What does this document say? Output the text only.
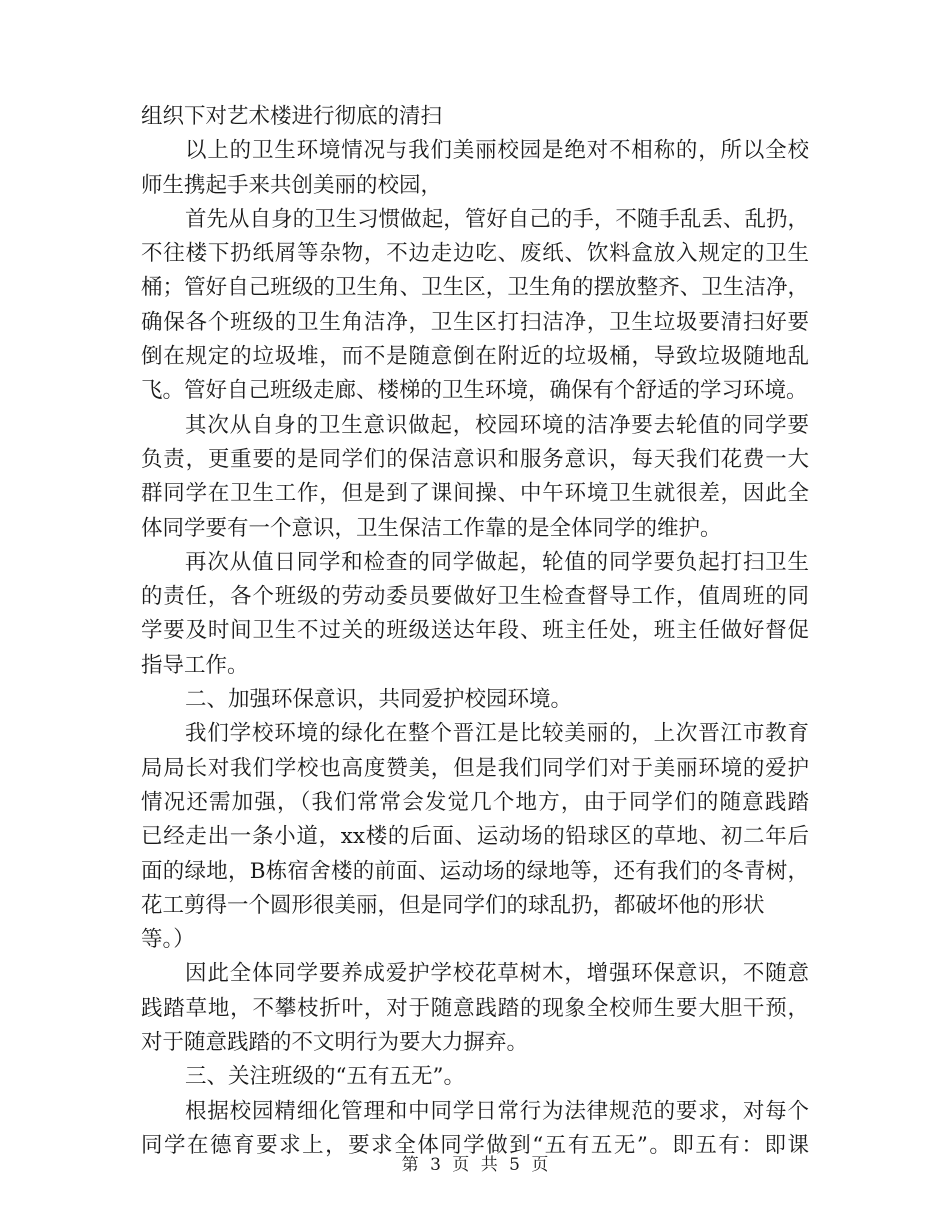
组织下对艺术楼进行彻底的清扫
以上的卫生环境情况与我们美丽校园是绝对不相称的，所以全校
师生携起手来共创美丽的校园，
首先从自身的卫生习惯做起，管好自己的手，不随手乱丢、乱扔，
不往楼下扔纸屑等杂物，不边走边吃、废纸、饮料盒放入规定的卫生
桶；管好自己班级的卫生角、卫生区，卫生角的摆放整齐、卫生洁净，
确保各个班级的卫生角洁净，卫生区打扫洁净，卫生垃圾要清扫好要
倒在规定的垃圾堆，而不是随意倒在附近的垃圾桶，导致垃圾随地乱
飞。管好自己班级走廊、楼梯的卫生环境，确保有个舒适的学习环境。
其次从自身的卫生意识做起，校园环境的洁净要去轮值的同学要
负责，更重要的是同学们的保洁意识和服务意识，每天我们花费一大
群同学在卫生工作，但是到了课间操、中午环境卫生就很差，因此全
体同学要有一个意识，卫生保洁工作靠的是全体同学的维护。
再次从值日同学和检查的同学做起，轮值的同学要负起打扫卫生
的责任，各个班级的劳动委员要做好卫生检查督导工作，值周班的同
学要及时间卫生不过关的班级送达年段、班主任处，班主任做好督促
指导工作。
二、加强环保意识，共同爱护校园环境。
我们学校环境的绿化在整个晋江是比较美丽的，上次晋江市教育
局局长对我们学校也高度赞美，但是我们同学们对于美丽环境的爱护
情况还需加强，（我们常常会发觉几个地方，由于同学们的随意践踏
已经走出一条小道，xx楼的后面、运动场的铅球区的草地、初二年后
面的绿地，B栋宿舍楼的前面、运动场的绿地等，还有我们的冬青树，
花工剪得一个圆形很美丽，但是同学们的球乱扔，都破坏他的形状
等。）
因此全体同学要养成爱护学校花草树木，增强环保意识，不随意
践踏草地，不攀枝折叶，对于随意践踏的现象全校师生要大胆干预，
对于随意践踏的不文明行为要大力摒弃。
三、关注班级的“五有五无”。
根据校园精细化管理和中同学日常行为法律规范的要求，对每个
同学在德育要求上，要求全体同学做到“五有五无”。即五有：即课
第 3 页 共 5 页
